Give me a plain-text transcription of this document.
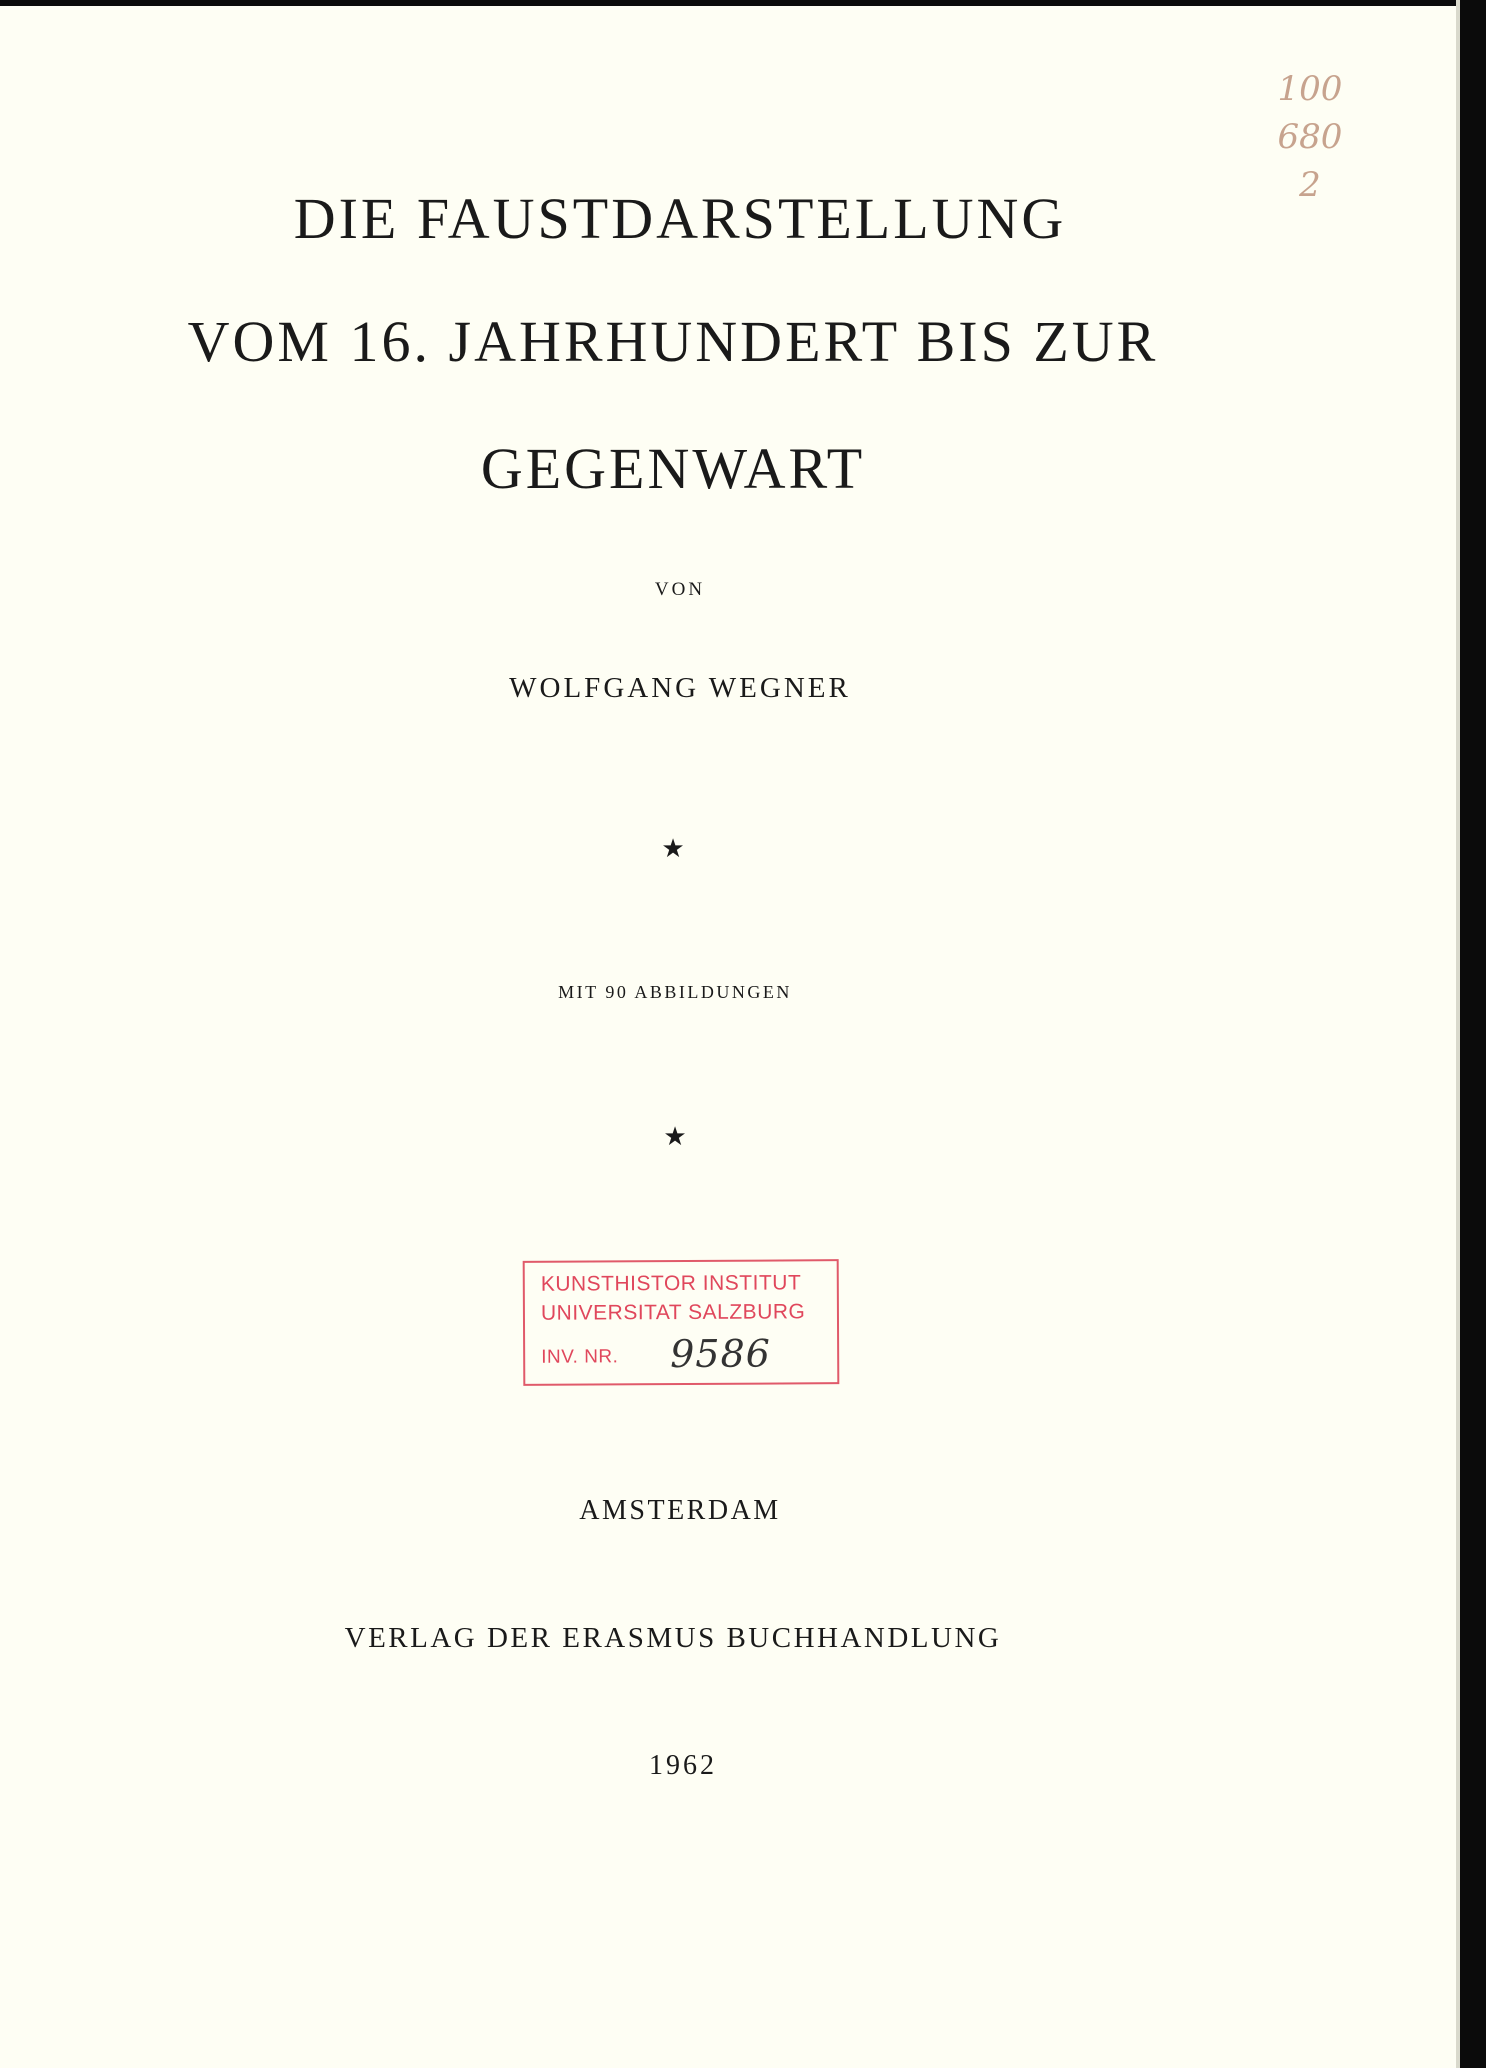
100
680
2
DIE FAUSTDARSTELLUNG
VOM 16. JAHRHUNDERT BIS ZUR
GEGENWART
VON
WOLFGANG WEGNER
★
MIT 90 ABBILDUNGEN
★
KUNSTHISTOR INSTITUT
UNIVERSITAT SALZBURG
INV. NR. 9586
AMSTERDAM
VERLAG DER ERASMUS BUCHHANDLUNG
1962
